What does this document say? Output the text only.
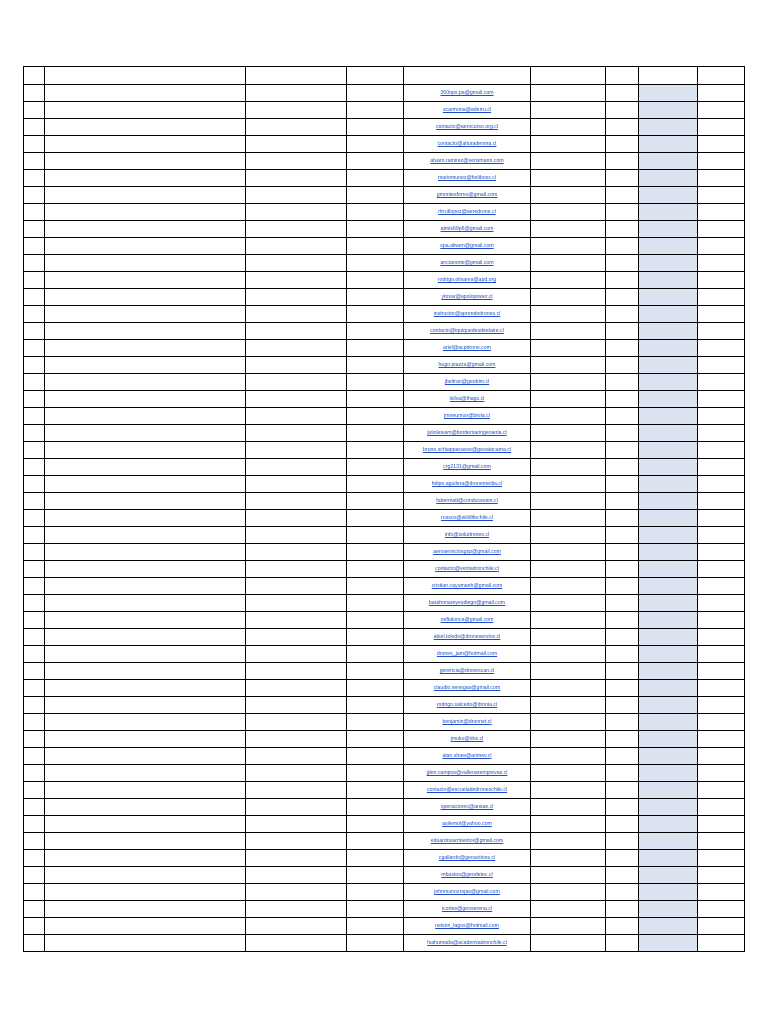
				360ops.pa@gmail.com				
				scarmona@aderru.cl				
				contacto@aerocurso.org.cl				
				contacto@alturademira.cl				
				alvaro.ramirez@sensmann.com				
				mariomunez@heliboss.cl				
				gmontesforno@gmail.com				
				rtrrutlopez@aeredrone.cl				
				atmis69p6@gmail.com				
				spa.aliwen@gmail.com				
				ancianorte@gmail.com				
				rodrigo.olivares@apd.org				
				ytovar@apolopower.cl				
				instructor@aprendedrones.cl				
				contacto@iquiquedesdeelaire.cl				
				ariel@acpdrone.com				
				hugo.piazza@gmail.com				
				jbeltran@geobim.cl				
				lsilva@thags.cl				
				jmneumun@biota.cl				
				julioleivam@bordemaringenieria.cl				
				bruno.schiappacasse@geoatacama.cl				
				crg2131@gmail.com				
				felipe.aguilera@dronemedia.cl				
				fabermatt@conducesion.cl				
				rcasco@wildlifechile.cl				
				info@soludrones.cl				
				aeroserviciosgsp@gmail.com				
				contacto@ventadronchile.cl				
				cristian.cayumanh@gmail.com				
				barahonareyesdiego@gmail.com				
				neftalonca@gmail.com				
				abiel.toledo@droneservice.cl				
				drones_jam@hotmail.com				
				gerencia@dronescan.cl				
				claudio.venegas@gmail.com				
				rodrigo.salcedo@dronia.cl				
				benjamin@dronnet.cl				
				jmuko@dns.cl				
				alan.shaw@arimev.cl				
				glen.campos@vallenaremprevas.cl				
				contacto@escueladedroneschile.cl				
				operaciones@ansae.cl				
				asilemol@yahoo.com				
				eduardosarmientor@gmail.com				
				cgallardo@geoactivos.cl				
				mbustos@geodetec.cl				
				johnmunozrojas@gmail.com				
				icortes@geoserena.cl				
				nelson_lagos@hotmail.com				
				fsahumada@academiadronchile.cl				
